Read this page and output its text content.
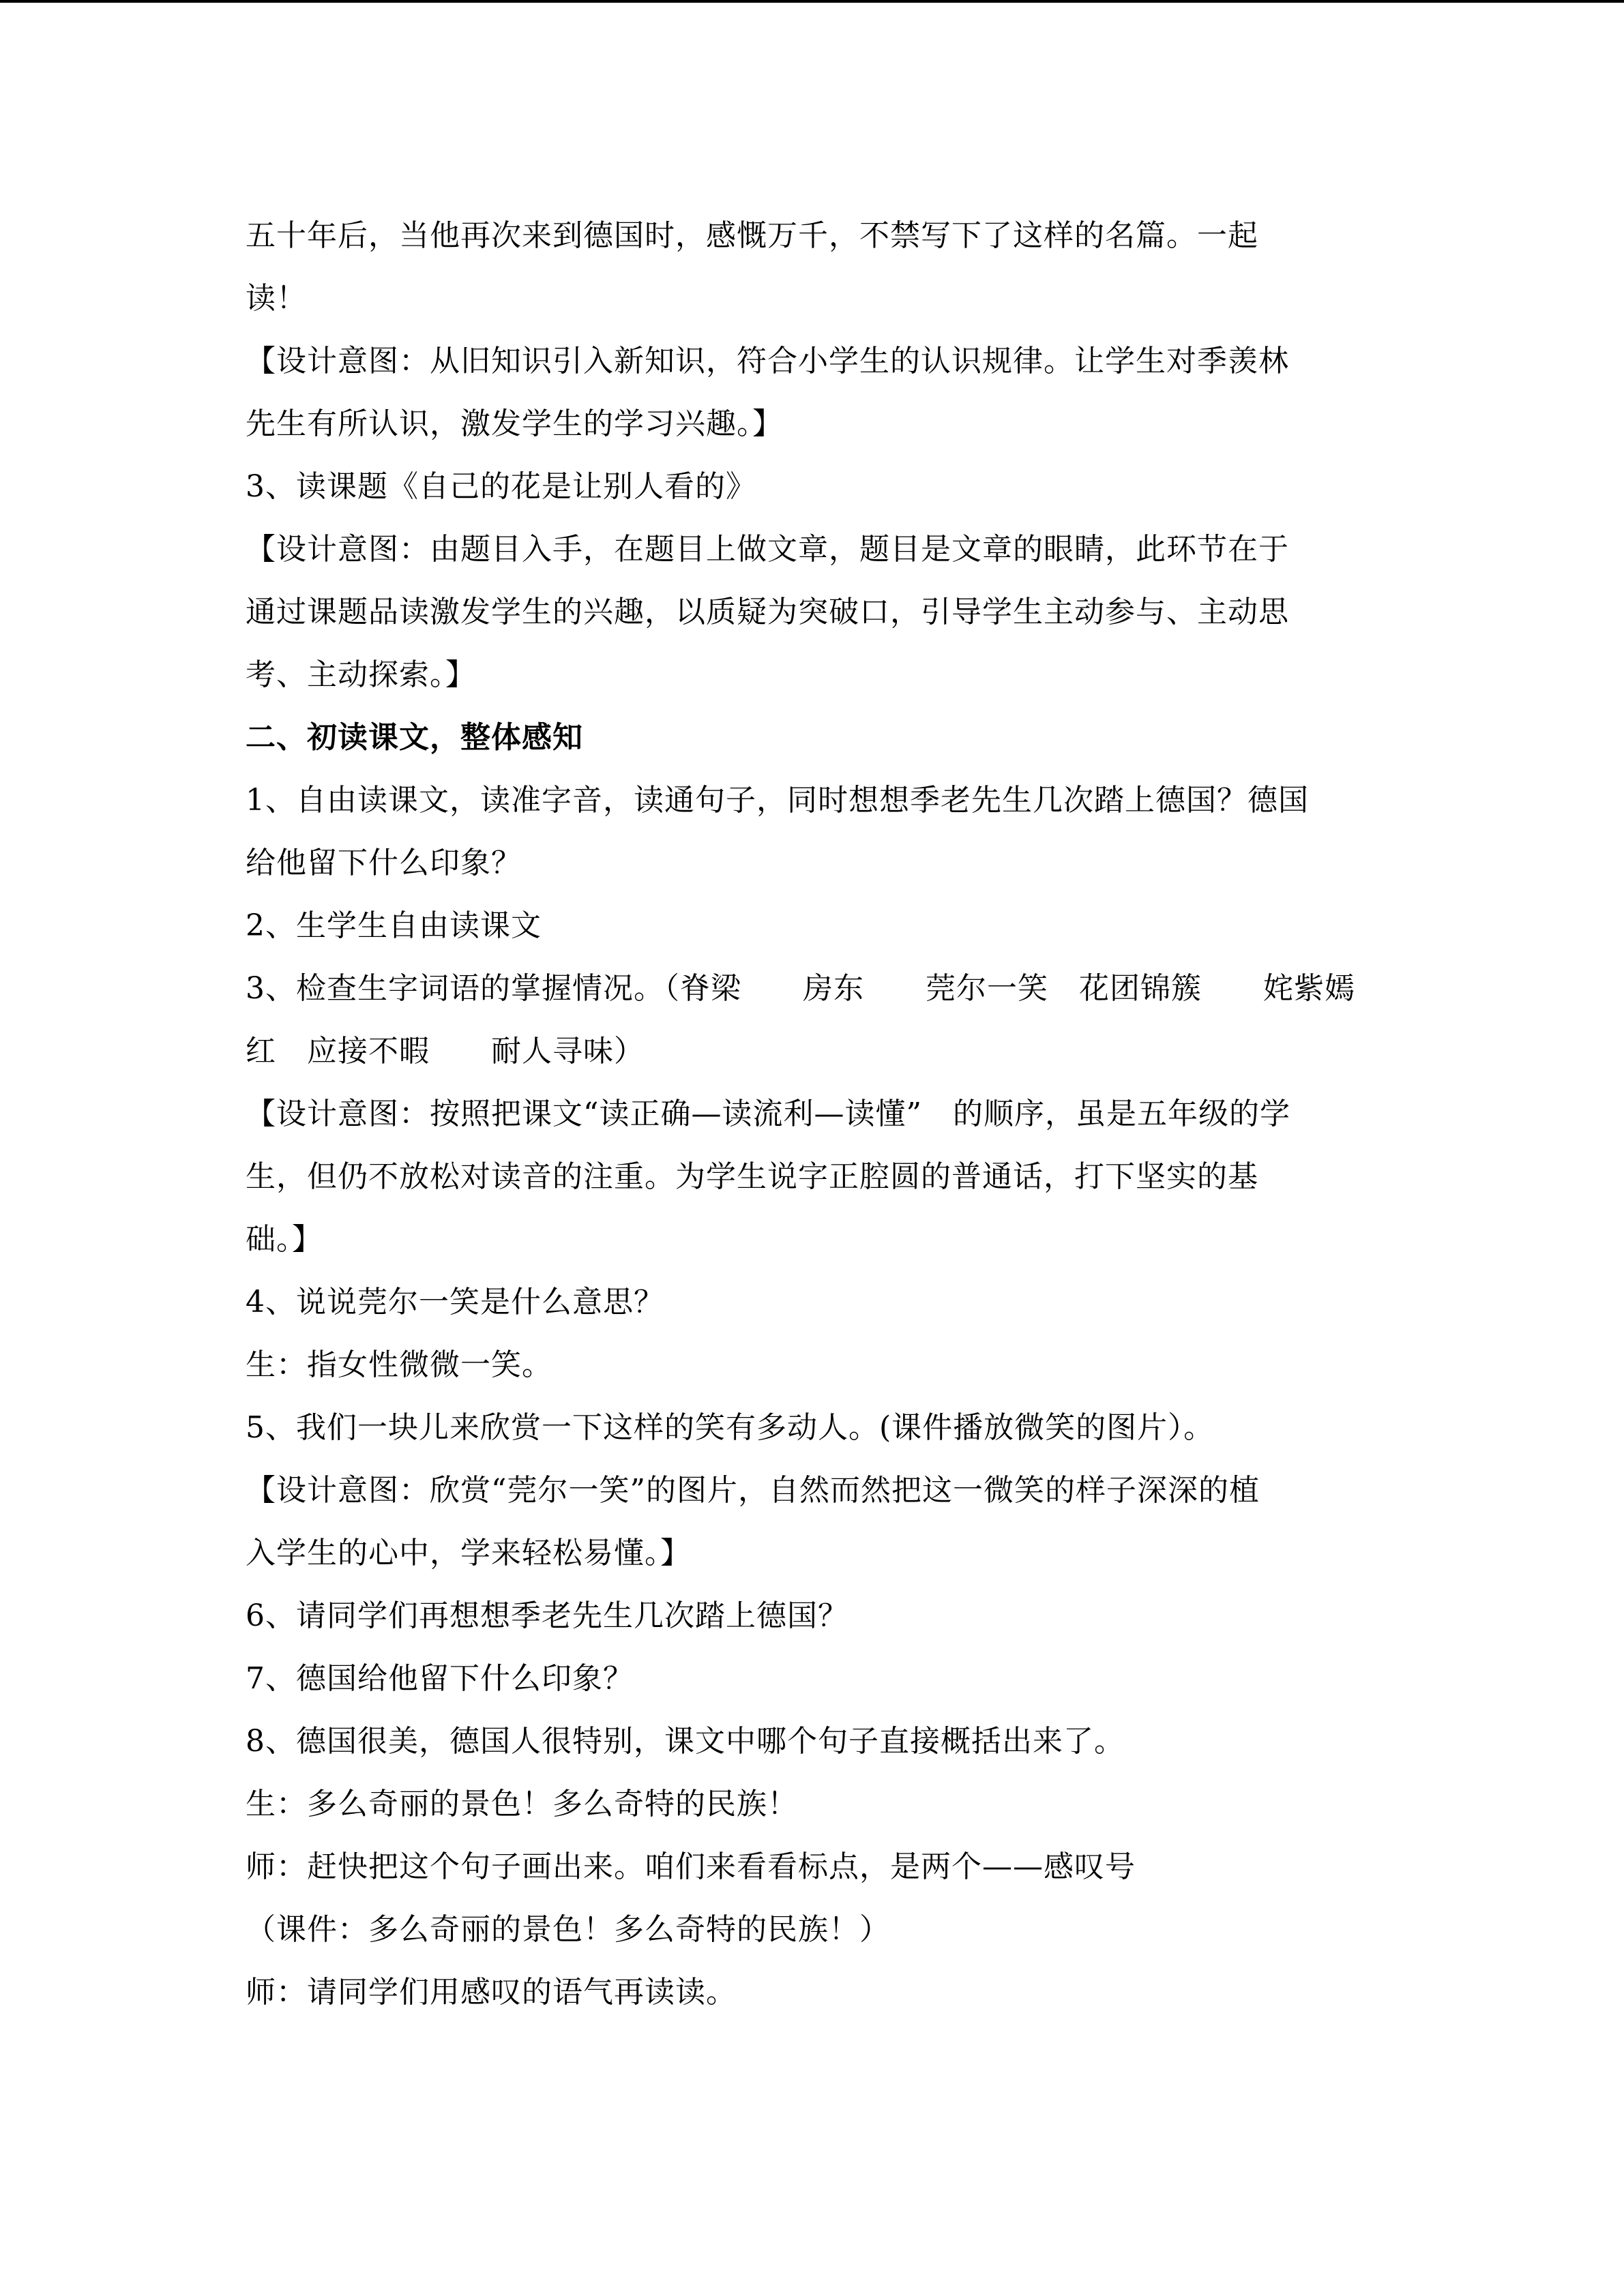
五十年后，当他再次来到德国时，感慨万千，不禁写下了这样的名篇。一起
读！
【设计意图：从旧知识引入新知识，符合小学生的认识规律。让学生对季羡林
先生有所认识，激发学生的学习兴趣。】
3、读课题《自己的花是让别人看的》
【设计意图：由题目入手，在题目上做文章，题目是文章的眼睛，此环节在于
通过课题品读激发学生的兴趣，以质疑为突破口，引导学生主动参与、主动思
考、主动探索。】
二、初读课文，整体感知
1、自由读课文，读准字音，读通句子，同时想想季老先生几次踏上德国？德国
给他留下什么印象？
2、生学生自由读课文
3、检查生字词语的掌握情况。（脊梁　　房东　　莞尔一笑　花团锦簇　　姹紫嫣
红　应接不暇　　耐人寻味）
【设计意图：按照把课文“读正确—读流利—读懂”　的顺序，虽是五年级的学
生，但仍不放松对读音的注重。为学生说字正腔圆的普通话，打下坚实的基
础。】
4、说说莞尔一笑是什么意思？
生：指女性微微一笑。
5、我们一块儿来欣赏一下这样的笑有多动人。(课件播放微笑的图片）。
【设计意图：欣赏“莞尔一笑”的图片，自然而然把这一微笑的样子深深的植
入学生的心中，学来轻松易懂。】
6、请同学们再想想季老先生几次踏上德国？
7、德国给他留下什么印象？
8、德国很美，德国人很特别，课文中哪个句子直接概括出来了。
生：多么奇丽的景色！多么奇特的民族！
师：赶快把这个句子画出来。咱们来看看标点，是两个——感叹号
（课件：多么奇丽的景色！多么奇特的民族！）
师：请同学们用感叹的语气再读读。
